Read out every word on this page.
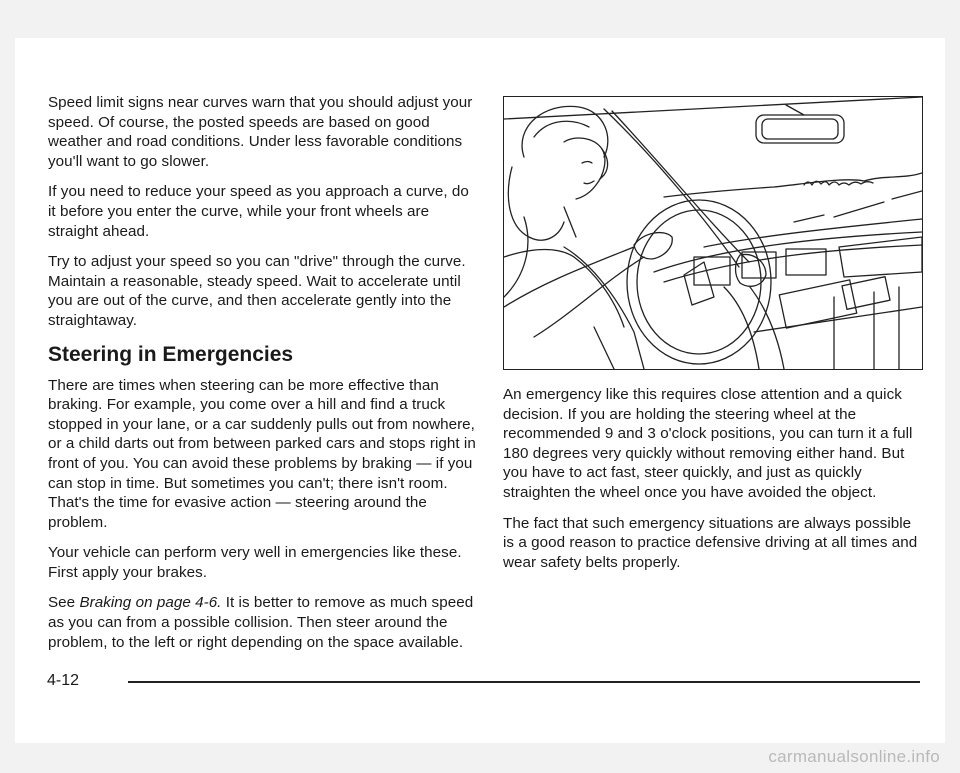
Speed limit signs near curves warn that you should adjust your speed. Of course, the posted speeds are based on good weather and road conditions. Under less favorable conditions you'll want to go slower.

If you need to reduce your speed as you approach a curve, do it before you enter the curve, while your front wheels are straight ahead.

Try to adjust your speed so you can "drive" through the curve. Maintain a reasonable, steady speed. Wait to accelerate until you are out of the curve, and then accelerate gently into the straightaway.

Steering in Emergencies

There are times when steering can be more effective than braking. For example, you come over a hill and find a truck stopped in your lane, or a car suddenly pulls out from nowhere, or a child darts out from between parked cars and stops right in front of you. You can avoid these problems by braking — if you can stop in time. But sometimes you can't; there isn't room. That's the time for evasive action — steering around the problem.

Your vehicle can perform very well in emergencies like these. First apply your brakes.

See Braking on page 4-6. It is better to remove as much speed as you can from a possible collision. Then steer around the problem, to the left or right depending on the space available.

An emergency like this requires close attention and a quick decision. If you are holding the steering wheel at the recommended 9 and 3 o'clock positions, you can turn it a full 180 degrees very quickly without removing either hand. But you have to act fast, steer quickly, and just as quickly straighten the wheel once you have avoided the object.

The fact that such emergency situations are always possible is a good reason to practice defensive driving at all times and wear safety belts properly.

4-12
carmanualsonline.info
